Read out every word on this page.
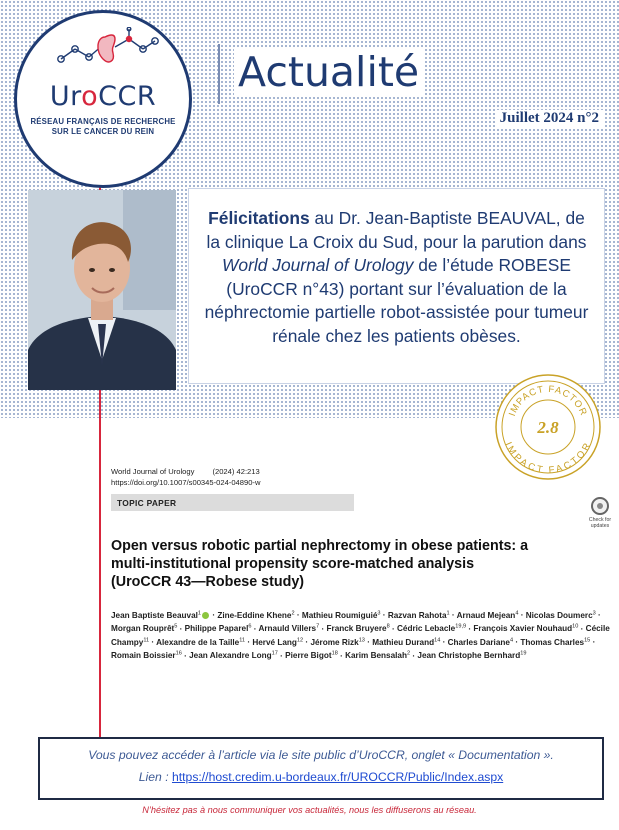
UroCCR
RÉSEAU FRANÇAIS DE RECHERCHE
SUR LE CANCER DU REIN
Actualité
Juillet 2024 n°2
Félicitations au Dr. Jean-Baptiste BEAUVAL, de la clinique La Croix du Sud, pour la parution dans World Journal of Urology de l’étude ROBESE (UroCCR n°43) portant sur l’évaluation de la néphrectomie partielle robot-assistée pour tumeur rénale chez les patients obèses.
IMPACT FACTOR
IMPACT FACTOR
2.8
World Journal of Urology (2024) 42:213
https://doi.org/10.1007/s00345-024-04890-w
TOPIC PAPER
Check for
updates
Open versus robotic partial nephrectomy in obese patients: a multi-institutional propensity score-matched analysis (UroCCR 43—Robese study)
Jean Baptiste Beauval$^1$ · Zine-Eddine Khene$^2$ · Mathieu Roumiguié$^3$ · Razvan Rahota$^1$ · Arnaud Mejean$^4$ · Nicolas Doumerc$^3$ · Morgan Rouprêt$^5$ · Philippe Paparel$^6$ · Arnauld Villers$^7$ · Franck Bruyere$^8$ · Cédric Lebacle$^{19,9}$ · François Xavier Nouhaud$^{10}$ · Cécile Champy$^{11}$ · Alexandre de la Taille$^{11}$ · Hervé Lang$^{12}$ · Jérome Rizk$^{13}$ · Mathieu Durand$^{14}$ · Charles Dariane$^4$ · Thomas Charles$^{15}$ · Romain Boissier$^{16}$ · Jean Alexandre Long$^{17}$ · Pierre Bigot$^{18}$ · Karim Bensalah$^2$ · Jean Christophe Bernhard$^{19}$
Vous pouvez accéder à l’article via le site public d’UroCCR, onglet « Documentation ».
Lien : https://host.credim.u-bordeaux.fr/UROCCR/Public/Index.aspx
N’hésitez pas à nous communiquer vos actualités, nous les diffuserons au réseau.
